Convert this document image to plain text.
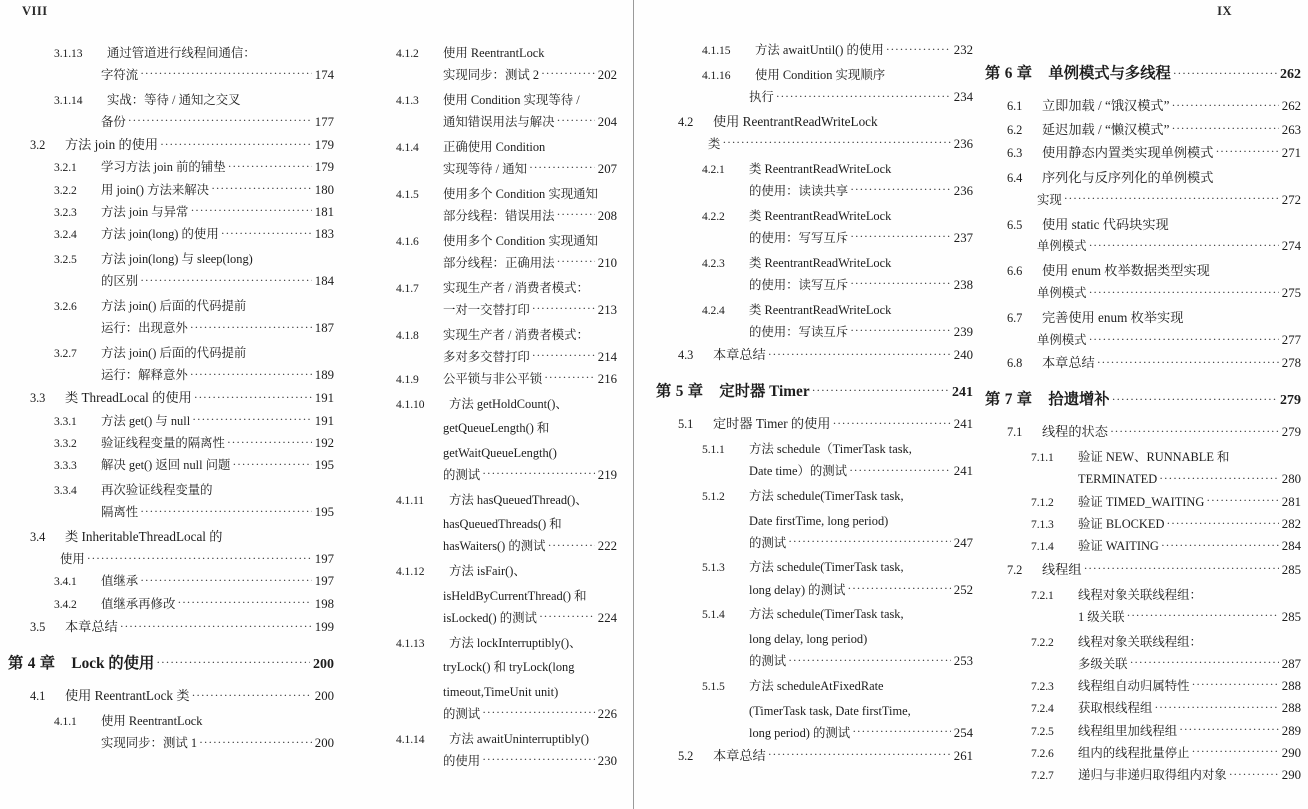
VIII
3.1.13	通过管道进行线程间通信：
字符流 ·····	174
3.1.14	实战：等待 / 通知之交叉
备份 ·····	177
3.2	方法 join 的使用 ·····	179
3.2.1	学习方法 join 前的铺垫 ·····	179
3.2.2	用 join() 方法来解决 ·····	180
3.2.3	方法 join 与异常 ·····	181
3.2.4	方法 join(long) 的使用 ·····	183
3.2.5	方法 join(long) 与 sleep(long)
的区别 ·····	184
3.2.6	方法 join() 后面的代码提前
运行：出现意外 ·····	187
3.2.7	方法 join() 后面的代码提前
运行：解释意外 ·····	189
3.3	类 ThreadLocal 的使用 ·····	191
3.3.1	方法 get() 与 null ·····	191
3.3.2	验证线程变量的隔离性 ·····	192
3.3.3	解决 get() 返回 null 问题 ·····	195
3.3.4	再次验证线程变量的
隔离性 ·····	195
3.4	类 InheritableThreadLocal 的
使用 ·····	197
3.4.1	值继承 ·····	197
3.4.2	值继承再修改 ·····	198
3.5	本章总结 ·····	199
第 4 章	Lock 的使用 ·····	200
4.1	使用 ReentrantLock 类 ·····	200
4.1.1	使用 ReentrantLock
实现同步：测试 1 ·····	200
4.1.2	使用 ReentrantLock
实现同步：测试 2 ·····	202
4.1.3	使用 Condition 实现等待 /
通知错误用法与解决 ·····	204
4.1.4	正确使用 Condition
实现等待 / 通知 ·····	207
4.1.5	使用多个 Condition 实现通知
部分线程：错误用法 ·····	208
4.1.6	使用多个 Condition 实现通知
部分线程：正确用法 ·····	210
4.1.7	实现生产者 / 消费者模式：
一对一交替打印 ·····	213
4.1.8	实现生产者 / 消费者模式：
多对多交替打印 ·····	214
4.1.9	公平锁与非公平锁 ·····	216
4.1.10	方法 getHoldCount()、
getQueueLength() 和
getWaitQueueLength()
的测试 ·····	219
4.1.11	方法 hasQueuedThread()、
hasQueuedThreads() 和
hasWaiters() 的测试 ·····	222
4.1.12	方法 isFair()、
isHeldByCurrentThread() 和
isLocked() 的测试 ·····	224
4.1.13	方法 lockInterruptibly()、
tryLock() 和 tryLock(long
timeout,TimeUnit unit)
的测试 ·····	226
4.1.14	方法 awaitUninterruptibly()
的使用 ·····	230
IX
4.1.15	方法 awaitUntil() 的使用 ·····	232
4.1.16	使用 Condition 实现顺序
执行 ·····	234
4.2	使用 ReentrantReadWriteLock
类 ·····	236
4.2.1	类 ReentrantReadWriteLock
的使用：读读共享 ·····	236
4.2.2	类 ReentrantReadWriteLock
的使用：写写互斥 ·····	237
4.2.3	类 ReentrantReadWriteLock
的使用：读写互斥 ·····	238
4.2.4	类 ReentrantReadWriteLock
的使用：写读互斥 ·····	239
4.3	本章总结 ·····	240
第 5 章	定时器 Timer ·····	241
5.1	定时器 Timer 的使用 ·····	241
5.1.1	方法 schedule（TimerTask task,
Date time）的测试 ·····	241
5.1.2	方法 schedule(TimerTask task,
Date firstTime, long period)
的测试 ·····	247
5.1.3	方法 schedule(TimerTask task,
long delay) 的测试 ·····	252
5.1.4	方法 schedule(TimerTask task,
long delay, long period)
的测试 ·····	253
5.1.5	方法 scheduleAtFixedRate
(TimerTask task, Date firstTime,
long period) 的测试 ·····	254
5.2	本章总结 ·····	261
第 6 章	单例模式与多线程 ·····	262
6.1	立即加载 / “饿汉模式” ·····	262
6.2	延迟加载 / “懒汉模式” ·····	263
6.3	使用静态内置类实现单例模式 ·····	271
6.4	序列化与反序列化的单例模式
实现 ·····	272
6.5	使用 static 代码块实现
单例模式 ·····	274
6.6	使用 enum 枚举数据类型实现
单例模式 ·····	275
6.7	完善使用 enum 枚举实现
单例模式 ·····	277
6.8	本章总结 ·····	278
第 7 章	拾遗增补 ·····	279
7.1	线程的状态 ·····	279
7.1.1	验证 NEW、RUNNABLE 和
TERMINATED ·····	280
7.1.2	验证 TIMED_WAITING ·····	281
7.1.3	验证 BLOCKED ·····	282
7.1.4	验证 WAITING ·····	284
7.2	线程组 ·····	285
7.2.1	线程对象关联线程组：
1 级关联 ·····	285
7.2.2	线程对象关联线程组：
多级关联 ·····	287
7.2.3	线程组自动归属特性 ·····	288
7.2.4	获取根线程组 ·····	288
7.2.5	线程组里加线程组 ·····	289
7.2.6	组内的线程批量停止 ·····	290
7.2.7	递归与非递归取得组内对象 ·····	290
